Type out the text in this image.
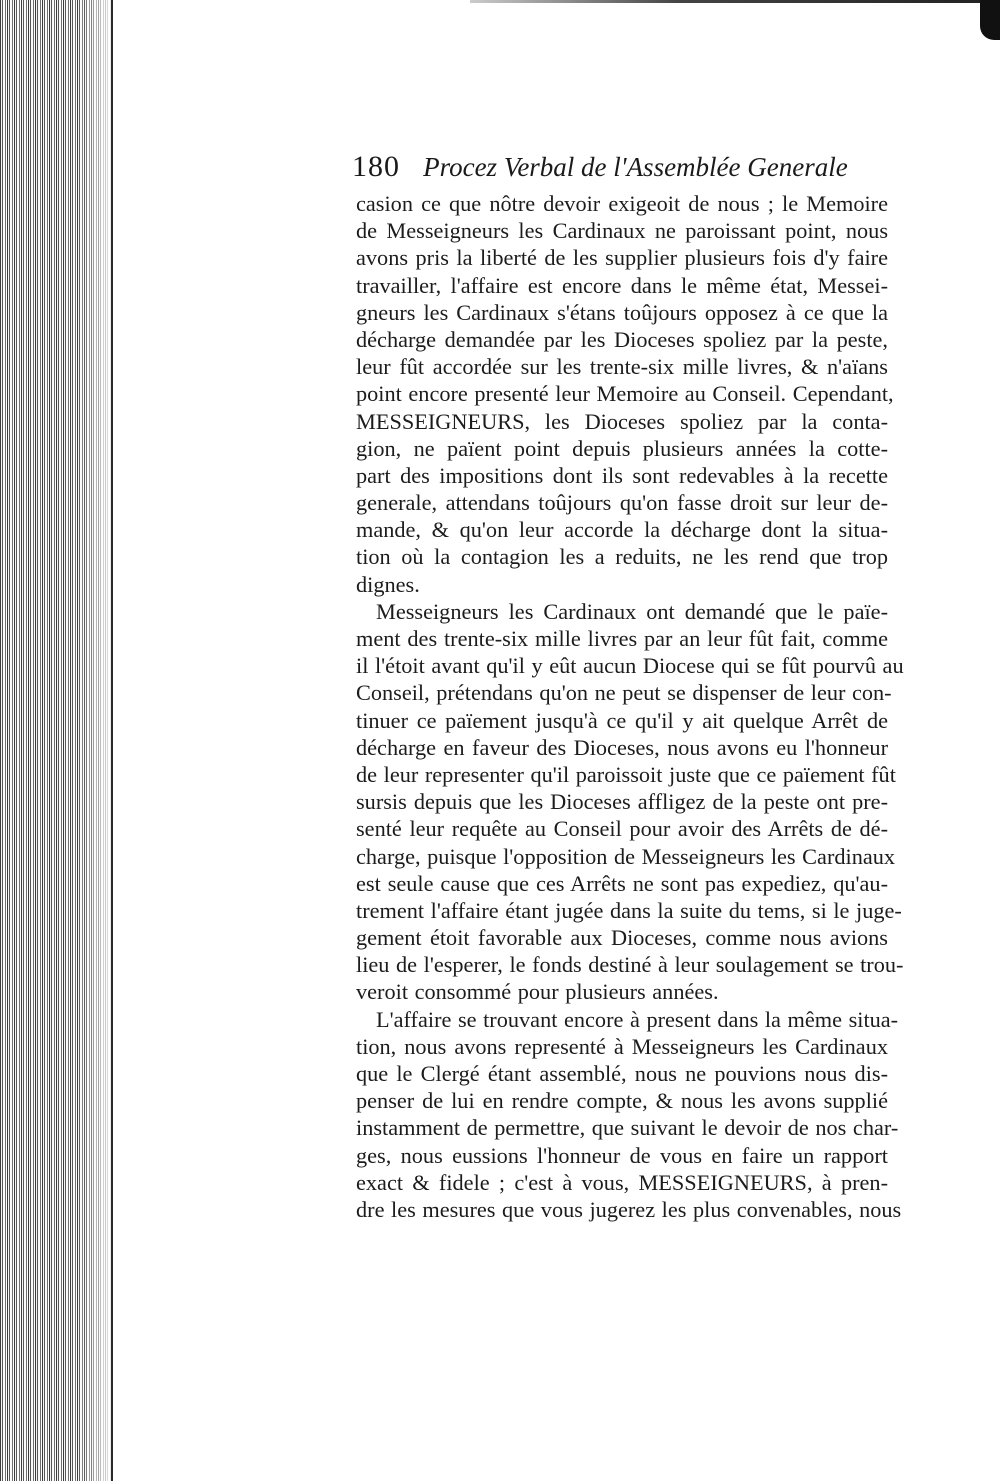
180 Procez Verbal de l'Assemblée Generale
casion ce que nôtre devoir exigeoit de nous ; le Memoire
de Messeigneurs les Cardinaux ne paroissant point, nous
avons pris la liberté de les supplier plusieurs fois d'y faire
travailler, l'affaire est encore dans le même état, Messei-
gneurs les Cardinaux s'étans toûjours opposez à ce que la
décharge demandée par les Dioceses spoliez par la peste,
leur fût accordée sur les trente-six mille livres, & n'aïans
point encore presenté leur Memoire au Conseil. Cependant,
MESSEIGNEURS, les Dioceses spoliez par la conta-
gion, ne païent point depuis plusieurs années la cotte-
part des impositions dont ils sont redevables à la recette
generale, attendans toûjours qu'on fasse droit sur leur de-
mande, & qu'on leur accorde la décharge dont la situa-
tion où la contagion les a reduits, ne les rend que trop
dignes.
Messeigneurs les Cardinaux ont demandé que le païe-
ment des trente-six mille livres par an leur fût fait, comme
il l'étoit avant qu'il y eût aucun Diocese qui se fût pourvû au
Conseil, prétendans qu'on ne peut se dispenser de leur con-
tinuer ce païement jusqu'à ce qu'il y ait quelque Arrêt de
décharge en faveur des Dioceses, nous avons eu l'honneur
de leur representer qu'il paroissoit juste que ce païement fût
sursis depuis que les Dioceses affligez de la peste ont pre-
senté leur requête au Conseil pour avoir des Arrêts de dé-
charge, puisque l'opposition de Messeigneurs les Cardinaux
est seule cause que ces Arrêts ne sont pas expediez, qu'au-
trement l'affaire étant jugée dans la suite du tems, si le juge-
gement étoit favorable aux Dioceses, comme nous avions
lieu de l'esperer, le fonds destiné à leur soulagement se trou-
veroit consommé pour plusieurs années.
L'affaire se trouvant encore à present dans la même situa-
tion, nous avons representé à Messeigneurs les Cardinaux
que le Clergé étant assemblé, nous ne pouvions nous dis-
penser de lui en rendre compte, & nous les avons supplié
instamment de permettre, que suivant le devoir de nos char-
ges, nous eussions l'honneur de vous en faire un rapport
exact & fidele ; c'est à vous, MESSEIGNEURS, à pren-
dre les mesures que vous jugerez les plus convenables, nous
